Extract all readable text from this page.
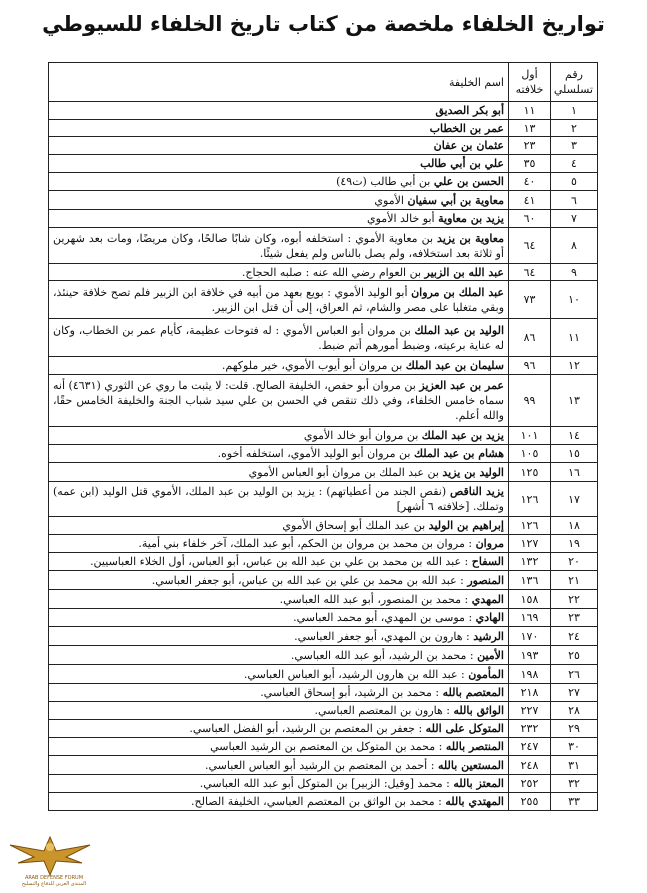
تواريخ الخلفاء ملخصة من كتاب تاريخ الخلفاء للسيوطي
رقم تسلسلي	أول خلافته	اسم الخليفة
١	١١	أبو بكر الصديق
٢	١٣	عمر بن الخطاب
٣	٢٣	عثمان بن عفان
٤	٣٥	علي بن أبي طالب
٥	٤٠	الحسن بن علي بن أبي طالب (ت٤٩)
٦	٤١	معاوية بن أبي سفيان الأموي
٧	٦٠	يزيد بن معاوية أبو خالد الأموي
٨	٦٤	معاوية بن يزيد بن معاوية الأموي : استخلفه أبوه، وكان شابًا صالحًا، وكان مريضًا، ومات بعد شهرين أو ثلاثة بعد استخلافه، ولم يصل بالناس ولم يفعل شيئًا.
٩	٦٤	عبد الله بن الزبير بن العوام رضي الله عنه : صلبه الحجاج.
١٠	٧٣	عبد الملك بن مروان أبو الوليد الأموي : بويع بعهد من أبيه في خلافة ابن الزبير فلم تصح خلافة حينئذ، وبقي متغلبا على مصر والشام، ثم العراق، إلى أن قتل ابن الزبير.
١١	٨٦	الوليد بن عبد الملك بن مروان أبو العباس الأموي : له فتوحات عظيمة، كأيام عمر بن الخطاب، وكان له عناية برعيته، وضبط أمورهم أتم ضبط.
١٢	٩٦	سليمان بن عبد الملك بن مروان أبو أيوب الأموي، خير ملوكهم.
١٣	٩٩	عمر بن عبد العزيز بن مروان أبو حفص، الخليفة الصالح. قلت: لا يثبت ما روي عن الثوري (٤٦٣١) أنه سماه خامس الخلفاء، وفي ذلك تنقص في الحسن بن علي سيد شباب الجنة والخليفة الخامس حقًا، والله أعلم.
١٤	١٠١	يزيد بن عبد الملك بن مروان أبو خالد الأموي
١٥	١٠٥	هشام بن عبد الملك بن مروان أبو الوليد الأموي، استخلفه أخوه.
١٦	١٢٥	الوليد بن يزيد بن عبد الملك بن مروان أبو العباس الأموي
١٧	١٢٦	يزيد الناقص (نقص الجند من أعطياتهم) : يزيد بن الوليد بن عبد الملك، الأموي قتل الوليد (ابن عمه) وتملك. [خلافته ٦ أشهر]
١٨	١٢٦	إبراهيم بن الوليد بن عبد الملك أبو إسحاق الأموي
١٩	١٢٧	مروان : مروان بن محمد بن مروان بن الحكم، أبو عبد الملك، آخر خلفاء بني أمية.
٢٠	١٣٢	السفاح : عبد الله بن محمد بن علي بن عبد الله بن عباس، أبو العباس، أول الخلاء العباسيين.
٢١	١٣٦	المنصور : عبد الله بن محمد بن علي بن عبد الله بن عباس، أبو جعفر العباسي.
٢٢	١٥٨	المهدي : محمد بن المنصور، أبو عبد الله العباسي.
٢٣	١٦٩	الهادي : موسى بن المهدي، أبو محمد العباسي.
٢٤	١٧٠	الرشيد : هارون بن المهدي، أبو جعفر العباسي.
٢٥	١٩٣	الأمين : محمد بن الرشيد، أبو عبد الله العباسي.
٢٦	١٩٨	المأمون : عبد الله بن هارون الرشيد، أبو العباس العباسي.
٢٧	٢١٨	المعتصم بالله : محمد بن الرشيد، أبو إسحاق العباسي.
٢٨	٢٢٧	الواثق بالله : هارون بن المعتصم العباسي.
٢٩	٢٣٢	المتوكل على الله : جعفر بن المعتصم بن الرشيد، أبو الفضل العباسي.
٣٠	٢٤٧	المنتصر بالله : محمد بن المتوكل بن المعتصم بن الرشيد العباسي
٣١	٢٤٨	المستعين بالله : أحمد بن المعتصم بن الرشيد أبو العباس العباسي.
٣٢	٢٥٢	المعتز بالله : محمد [وقيل: الزبير] بن المتوكل أبو عبد الله العباسي.
٣٣	٢٥٥	المهتدي بالله : محمد بن الواثق بن المعتصم العباسي، الخليفة الصالح.
ARAB DEFENSE FORUM
المنتدى العربي للدفاع والتسليح
